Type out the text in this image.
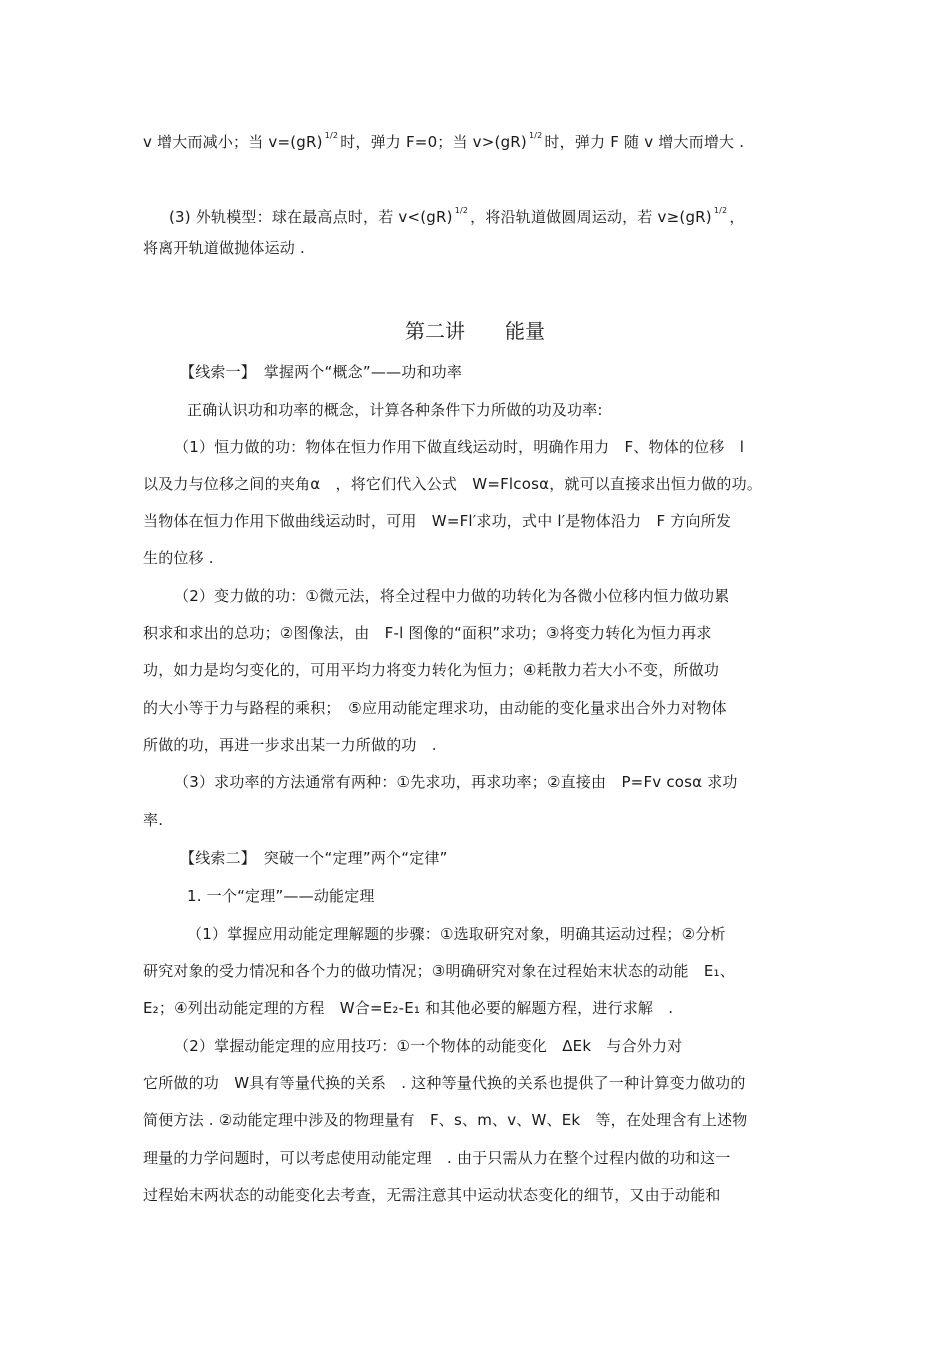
v 增大而减小；当 v=(gR) $^{1/2}$ 时，弹力 F=0；当 v>(gR) $^{1/2}$ 时，弹力 F 随 v 增大而增大 .
(3) 外轨模型：球在最高点时，若 v<(gR) $^{1/2}$ ，将沿轨道做圆周运动，若 v≥(gR) $^{1/2}$ ，
将离开轨道做抛体运动 .
第二讲　　能量
【线索一】　掌握两个“概念”——功和功率
正确认识功和功率的概念，计算各种条件下力所做的功及功率:
（1）恒力做的功：物体在恒力作用下做直线运动时，明确作用力　F、物体的位移　l
以及力与位移之间的夹角α　，将它们代入公式　W=Flcosα，就可以直接求出恒力做的功。
当物体在恒力作用下做曲线运动时，可用　W=Fl′求功，式中 l′是物体沿力　F 方向所发
生的位移 .
（2）变力做的功：①微元法，将全过程中力做的功转化为各微小位移内恒力做功累
积求和求出的总功；②图像法，由　F-l 图像的“面积”求功；③将变力转化为恒力再求
功，如力是均匀变化的，可用平均力将变力转化为恒力；④耗散力若大小不变，所做功
的大小等于力与路程的乘积；　⑤应用动能定理求功，由动能的变化量求出合外力对物体
所做的功，再进一步求出某一力所做的功　.
（3）求功率的方法通常有两种：①先求功，再求功率；②直接由　P=Fv cosα 求功
率.
【线索二】　突破一个“定理”两个“定律”
1. 一个“定理”——动能定理
（1）掌握应用动能定理解题的步骤：①选取研究对象，明确其运动过程；②分析
研究对象的受力情况和各个力的做功情况；③明确研究对象在过程始末状态的动能　E₁、
E₂；④列出动能定理的方程　W合=E₂-E₁ 和其他必要的解题方程，进行求解　.
（2）掌握动能定理的应用技巧：①一个物体的动能变化　ΔEk　与合外力对
它所做的功　W具有等量代换的关系　. 这种等量代换的关系也提供了一种计算变力做功的
简便方法 . ②动能定理中涉及的物理量有　F、s、m、v、W、Ek　等，在处理含有上述物
理量的力学问题时，可以考虑使用动能定理　. 由于只需从力在整个过程内做的功和这一
过程始末两状态的动能变化去考查，无需注意其中运动状态变化的细节，又由于动能和
